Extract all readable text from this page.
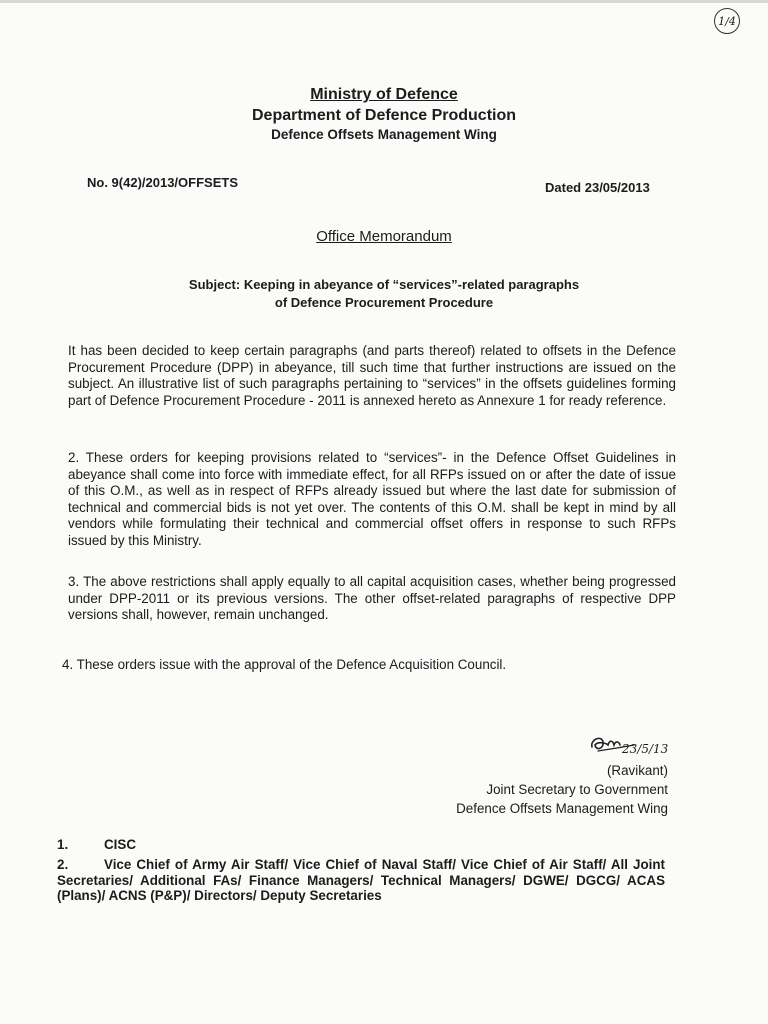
1/4
Ministry of Defence
Department of Defence Production
Defence Offsets Management Wing
No. 9(42)/2013/OFFSETS	Dated 23/05/2013
Office Memorandum
Subject: Keeping in abeyance of “services”-related paragraphs
of Defence Procurement Procedure
It has been decided to keep certain paragraphs (and parts thereof) related to offsets in the Defence Procurement Procedure (DPP) in abeyance, till such time that further instructions are issued on the subject. An illustrative list of such paragraphs pertaining to “services” in the offsets guidelines forming part of Defence Procurement Procedure - 2011 is annexed hereto as Annexure 1 for ready reference.
2. These orders for keeping provisions related to “services”- in the Defence Offset Guidelines in abeyance shall come into force with immediate effect, for all RFPs issued on or after the date of issue of this O.M., as well as in respect of RFPs already issued but where the last date for submission of technical and commercial bids is not yet over. The contents of this O.M. shall be kept in mind by all vendors while formulating their technical and commercial offset offers in response to such RFPs issued by this Ministry.
3. The above restrictions shall apply equally to all capital acquisition cases, whether being progressed under DPP-2011 or its previous versions. The other offset-related paragraphs of respective DPP versions shall, however, remain unchanged.
4. These orders issue with the approval of the Defence Acquisition Council.
23/5/13
(Ravikant)
Joint Secretary to Government
Defence Offsets Management Wing
1.	CISC
2.	Vice Chief of Army Air Staff/ Vice Chief of Naval Staff/ Vice Chief of Air Staff/ All Joint Secretaries/ Additional FAs/ Finance Managers/ Technical Managers/ DGWE/ DGCG/ ACAS (Plans)/ ACNS (P&P)/ Directors/ Deputy Secretaries
